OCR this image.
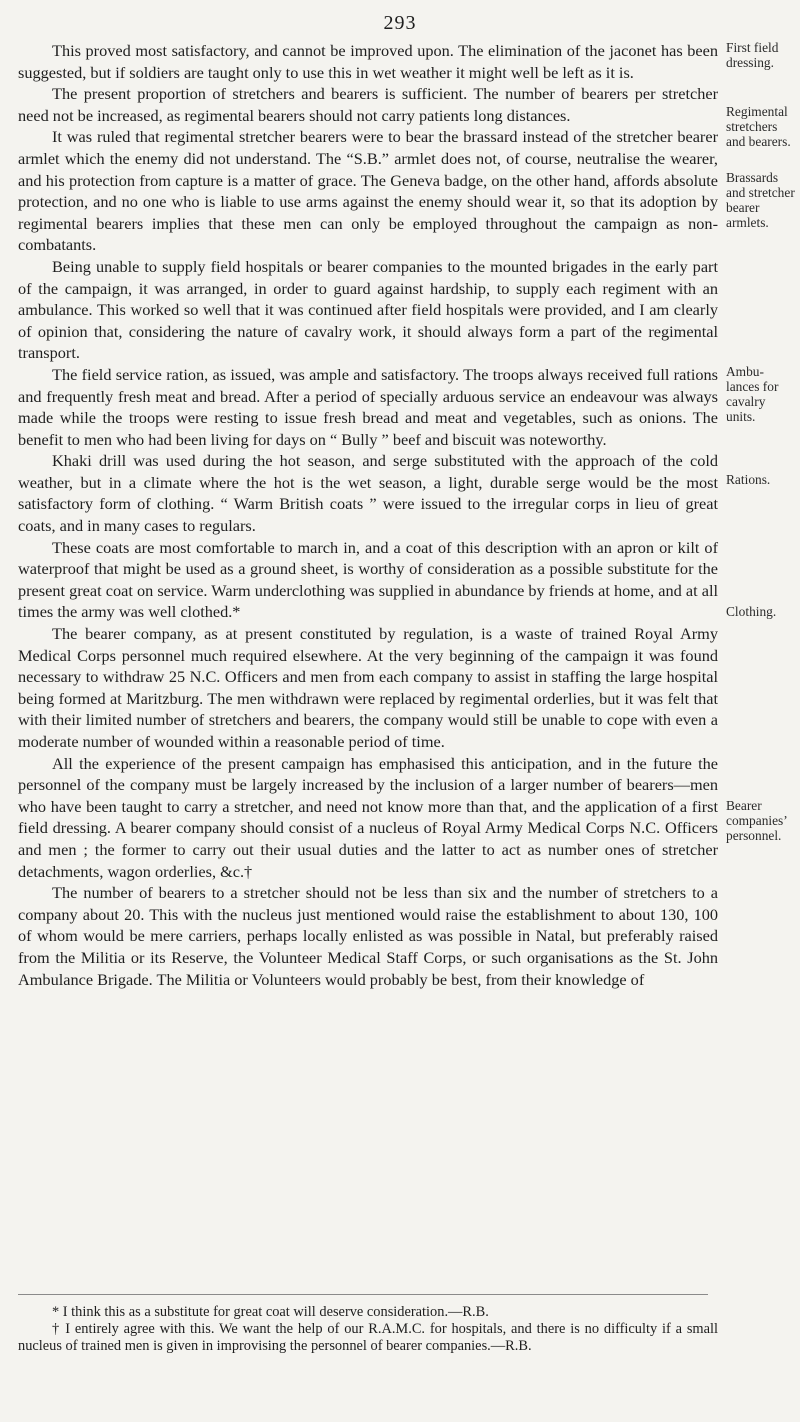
293

This proved most satisfactory, and cannot be improved upon. The elimination of the jaconet has been suggested, but if soldiers are taught only to use this in wet weather it might well be left as it is.

The present proportion of stretchers and bearers is sufficient. The number of bearers per stretcher need not be increased, as regimental bearers should not carry patients long distances.

It was ruled that regimental stretcher bearers were to bear the brassard instead of the stretcher bearer armlet which the enemy did not understand. The “S.B.” armlet does not, of course, neutralise the wearer, and his protection from capture is a matter of grace. The Geneva badge, on the other hand, affords absolute protection, and no one who is liable to use arms against the enemy should wear it, so that its adoption by regimental bearers implies that these men can only be employed throughout the campaign as non-combatants.

Being unable to supply field hospitals or bearer companies to the mounted brigades in the early part of the campaign, it was arranged, in order to guard against hardship, to supply each regiment with an ambulance. This worked so well that it was continued after field hospitals were provided, and I am clearly of opinion that, considering the nature of cavalry work, it should always form a part of the regimental transport.

The field service ration, as issued, was ample and satisfactory. The troops always received full rations and frequently fresh meat and bread. After a period of specially arduous service an endeavour was always made while the troops were resting to issue fresh bread and meat and vegetables, such as onions. The benefit to men who had been living for days on “ Bully ” beef and biscuit was noteworthy.

Khaki drill was used during the hot season, and serge substituted with the approach of the cold weather, but in a climate where the hot is the wet season, a light, durable serge would be the most satisfactory form of clothing. “ Warm British coats ” were issued to the irregular corps in lieu of great coats, and in many cases to regulars.

These coats are most comfortable to march in, and a coat of this description with an apron or kilt of waterproof that might be used as a ground sheet, is worthy of consideration as a possible substitute for the present great coat on service. Warm underclothing was supplied in abundance by friends at home, and at all times the army was well clothed.*

The bearer company, as at present constituted by regulation, is a waste of trained Royal Army Medical Corps personnel much required elsewhere. At the very beginning of the campaign it was found necessary to withdraw 25 N.C. Officers and men from each company to assist in staffing the large hospital being formed at Maritzburg. The men withdrawn were replaced by regimental orderlies, but it was felt that with their limited number of stretchers and bearers, the company would still be unable to cope with even a moderate number of wounded within a reasonable period of time.

All the experience of the present campaign has emphasised this anticipation, and in the future the personnel of the company must be largely increased by the inclusion of a larger number of bearers—men who have been taught to carry a stretcher, and need not know more than that, and the application of a first field dressing. A bearer company should consist of a nucleus of Royal Army Medical Corps N.C. Officers and men ; the former to carry out their usual duties and the latter to act as number ones of stretcher detachments, wagon orderlies, &c.†

The number of bearers to a stretcher should not be less than six and the number of stretchers to a company about 20. This with the nucleus just mentioned would raise the establishment to about 130, 100 of whom would be mere carriers, perhaps locally enlisted as was possible in Natal, but preferably raised from the Militia or its Reserve, the Volunteer Medical Staff Corps, or such organisations as the St. John Ambulance Brigade. The Militia or Volunteers would probably be best, from their knowledge of

First field dressing.
Regimental stretchers and bearers.
Brassards and stretcher bearer armlets.
Ambu-lances for cavalry units.
Rations.
Clothing.
Bearer companies’ personnel.

* I think this as a substitute for great coat will deserve consideration.—R.B.

† I entirely agree with this. We want the help of our R.A.M.C. for hospitals, and there is no difficulty if a small nucleus of trained men is given in improvising the personnel of bearer companies.—R.B.
